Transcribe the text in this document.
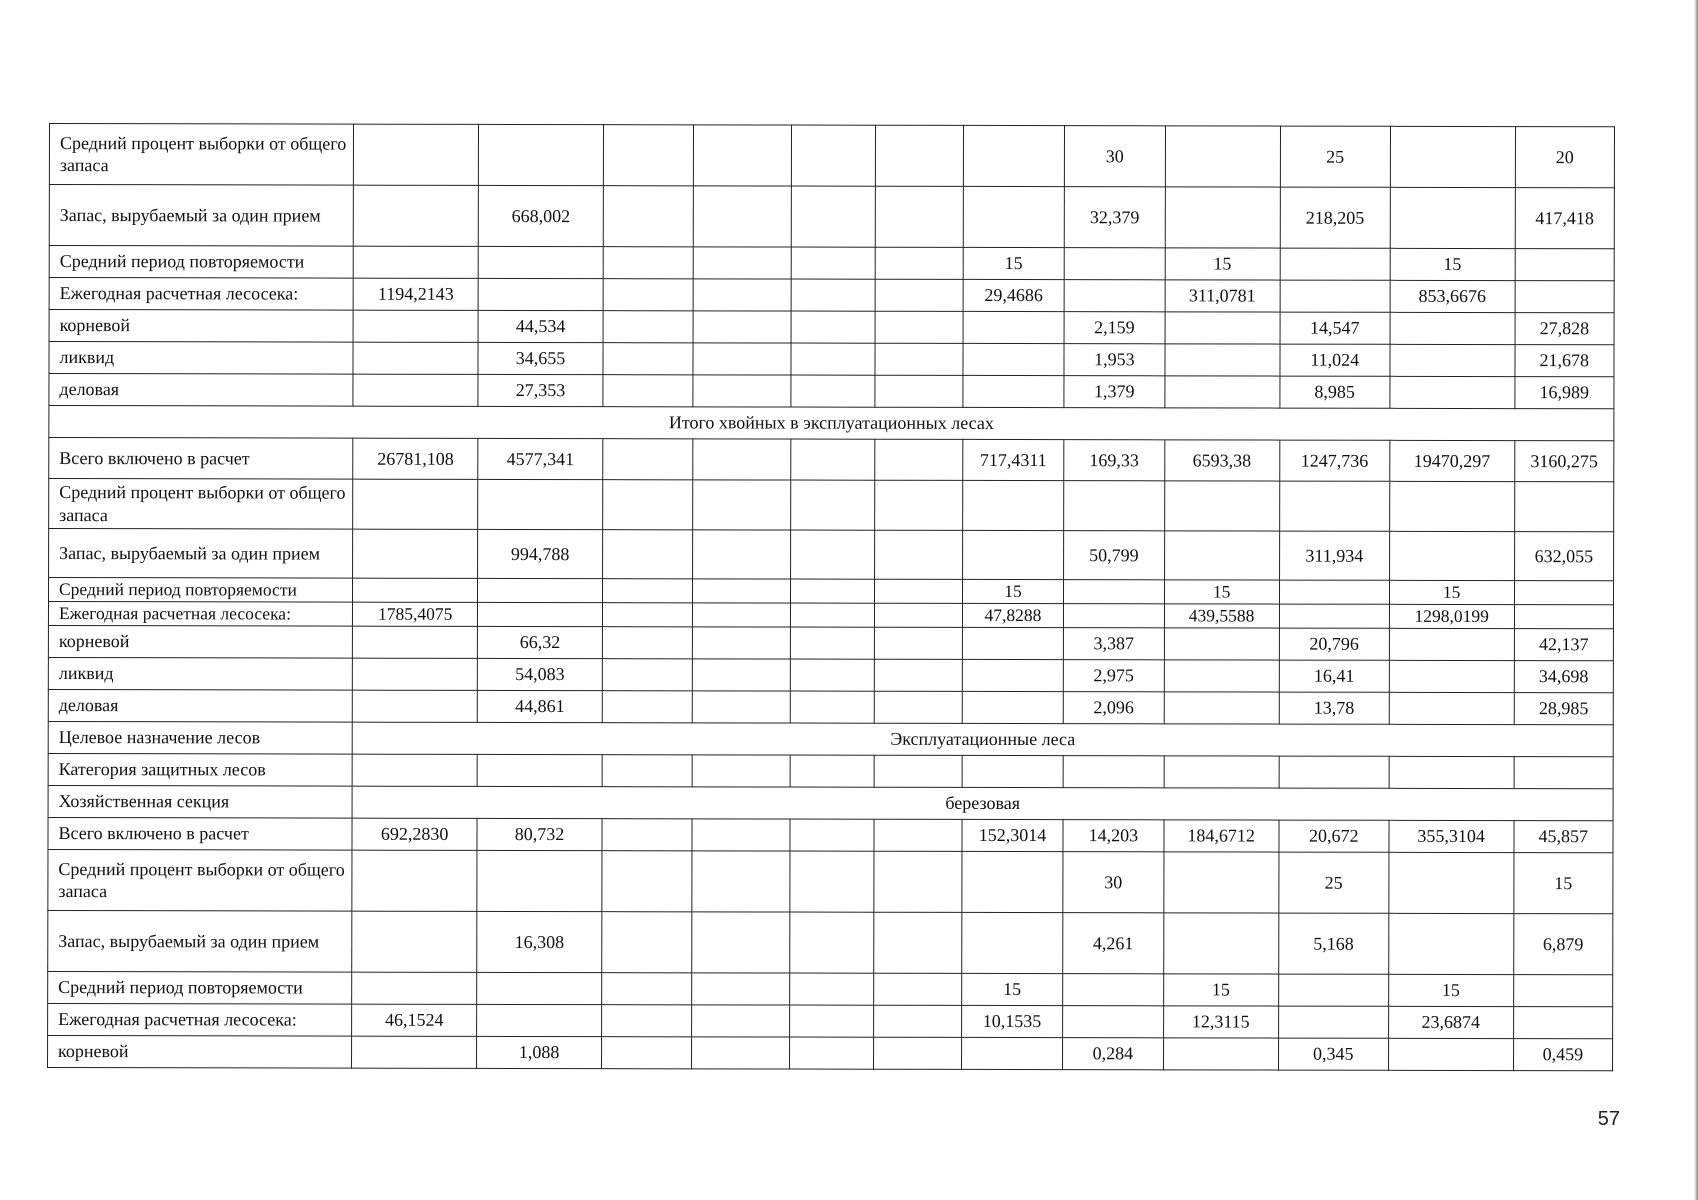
Средний процент выборки от общего запаса								30		25		20
Запас, вырубаемый за один прием		668,002						32,379		218,205		417,418
Средний период повторяемости							15		15		15	
Ежегодная расчетная лесосека:	1194,2143						29,4686		311,0781		853,6676	
корневой		44,534						2,159		14,547		27,828
ликвид		34,655						1,953		11,024		21,678
деловая		27,353						1,379		8,985		16,989
Итого хвойных в эксплуатационных лесах												
Всего включено в расчет	26781,108	4577,341					717,4311	169,33	6593,38	1247,736	19470,297	3160,275
Средний процент выборки от общего запаса												
Запас, вырубаемый за один прием		994,788						50,799		311,934		632,055
Средний период повторяемости							15		15		15	
Ежегодная расчетная лесосека:	1785,4075						47,8288		439,5588		1298,0199	
корневой		66,32						3,387		20,796		42,137
ликвид		54,083						2,975		16,41		34,698
деловая		44,861						2,096		13,78		28,985
Целевое назначение лесов	Эксплуатационные леса											
Категория защитных лесов												
Хозяйственная секция	березовая											
Всего включено в расчет	692,2830	80,732					152,3014	14,203	184,6712	20,672	355,3104	45,857
Средний процент выборки от общего запаса								30		25		15
Запас, вырубаемый за один прием		16,308						4,261		5,168		6,879
Средний период повторяемости							15		15		15	
Ежегодная расчетная лесосека:	46,1524						10,1535		12,3115		23,6874	
корневой		1,088						0,284		0,345		0,459
57
